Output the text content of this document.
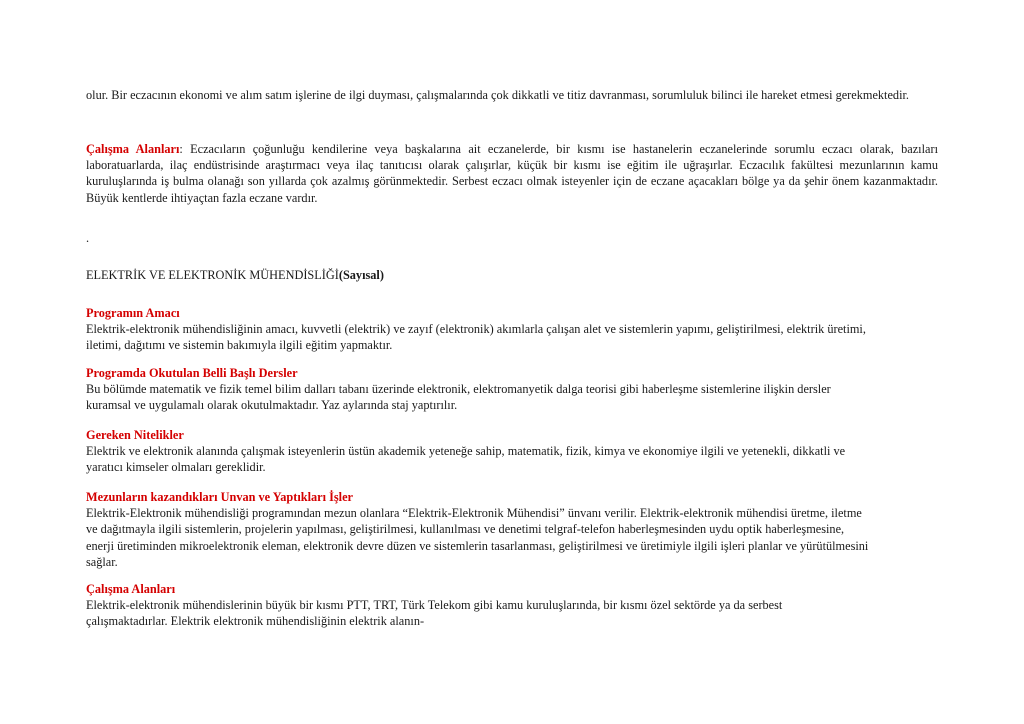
olur. Bir eczacının ekonomi ve alım satım işlerine de ilgi duyması, çalışmalarında çok dikkatli ve titiz davranması, sorumluluk bilinci ile hareket etmesi gerekmektedir.

Çalışma Alanları: Eczacıların çoğunluğu kendilerine veya başkalarına ait eczanelerde, bir kısmı ise hastanelerin eczanelerinde sorumlu eczacı olarak, bazıları laboratuarlarda, ilaç endüstrisinde araştırmacı veya ilaç tanıtıcısı olarak çalışırlar, küçük bir kısmı ise eğitim ile uğraşırlar. Eczacılık fakültesi mezunlarının kamu kuruluşlarında iş bulma olanağı son yıllarda çok azalmış görünmektedir. Serbest eczacı olmak isteyenler için de eczane açacakları bölge ya da şehir önem kazanmaktadır. Büyük kentlerde ihtiyaçtan fazla eczane vardır.

.
ELEKTRİK VE ELEKTRONİK MÜHENDİSLİĞİ(Sayısal)
Programın Amacı
Elektrik-elektronik mühendisliğinin amacı, kuvvetli (elektrik) ve zayıf (elektronik) akımlarla çalışan alet ve sistemlerin yapımı, geliştirilmesi, elektrik üretimi,
iletimi, dağıtımı ve sistemin bakımıyla ilgili eğitim yapmaktır.
Programda Okutulan Belli Başlı Dersler
Bu bölümde matematik ve fizik temel bilim dalları tabanı üzerinde elektronik, elektromanyetik dalga teorisi gibi haberleşme sistemlerine ilişkin dersler
kuramsal ve uygulamalı olarak okutulmaktadır. Yaz aylarında staj yaptırılır.
Gereken Nitelikler
Elektrik ve elektronik alanında çalışmak isteyenlerin üstün akademik yeteneğe sahip, matematik, fizik, kimya ve ekonomiye ilgili ve yetenekli, dikkatli ve
yaratıcı kimseler olmaları gereklidir.
Mezunların kazandıkları Unvan ve Yaptıkları İşler
Elektrik-Elektronik mühendisliği programından mezun olanlara “Elektrik-Elektronik Mühendisi” ünvanı verilir. Elektrik-elektronik mühendisi üretme, iletme
ve dağıtmayla ilgili sistemlerin, projelerin yapılması, geliştirilmesi, kullanılması ve denetimi telgraf-telefon haberleşmesinden uydu optik haberleşmesine,
enerji üretiminden mikroelektronik eleman, elektronik devre düzen ve sistemlerin tasarlanması, geliştirilmesi ve üretimiyle ilgili işleri planlar ve yürütülmesini
sağlar.
Çalışma Alanları
Elektrik-elektronik mühendislerinin büyük bir kısmı PTT, TRT, Türk Telekom gibi kamu kuruluşlarında, bir kısmı özel sektörde ya da serbest
çalışmaktadırlar. Elektrik elektronik mühendisliğinin elektrik alanın-
